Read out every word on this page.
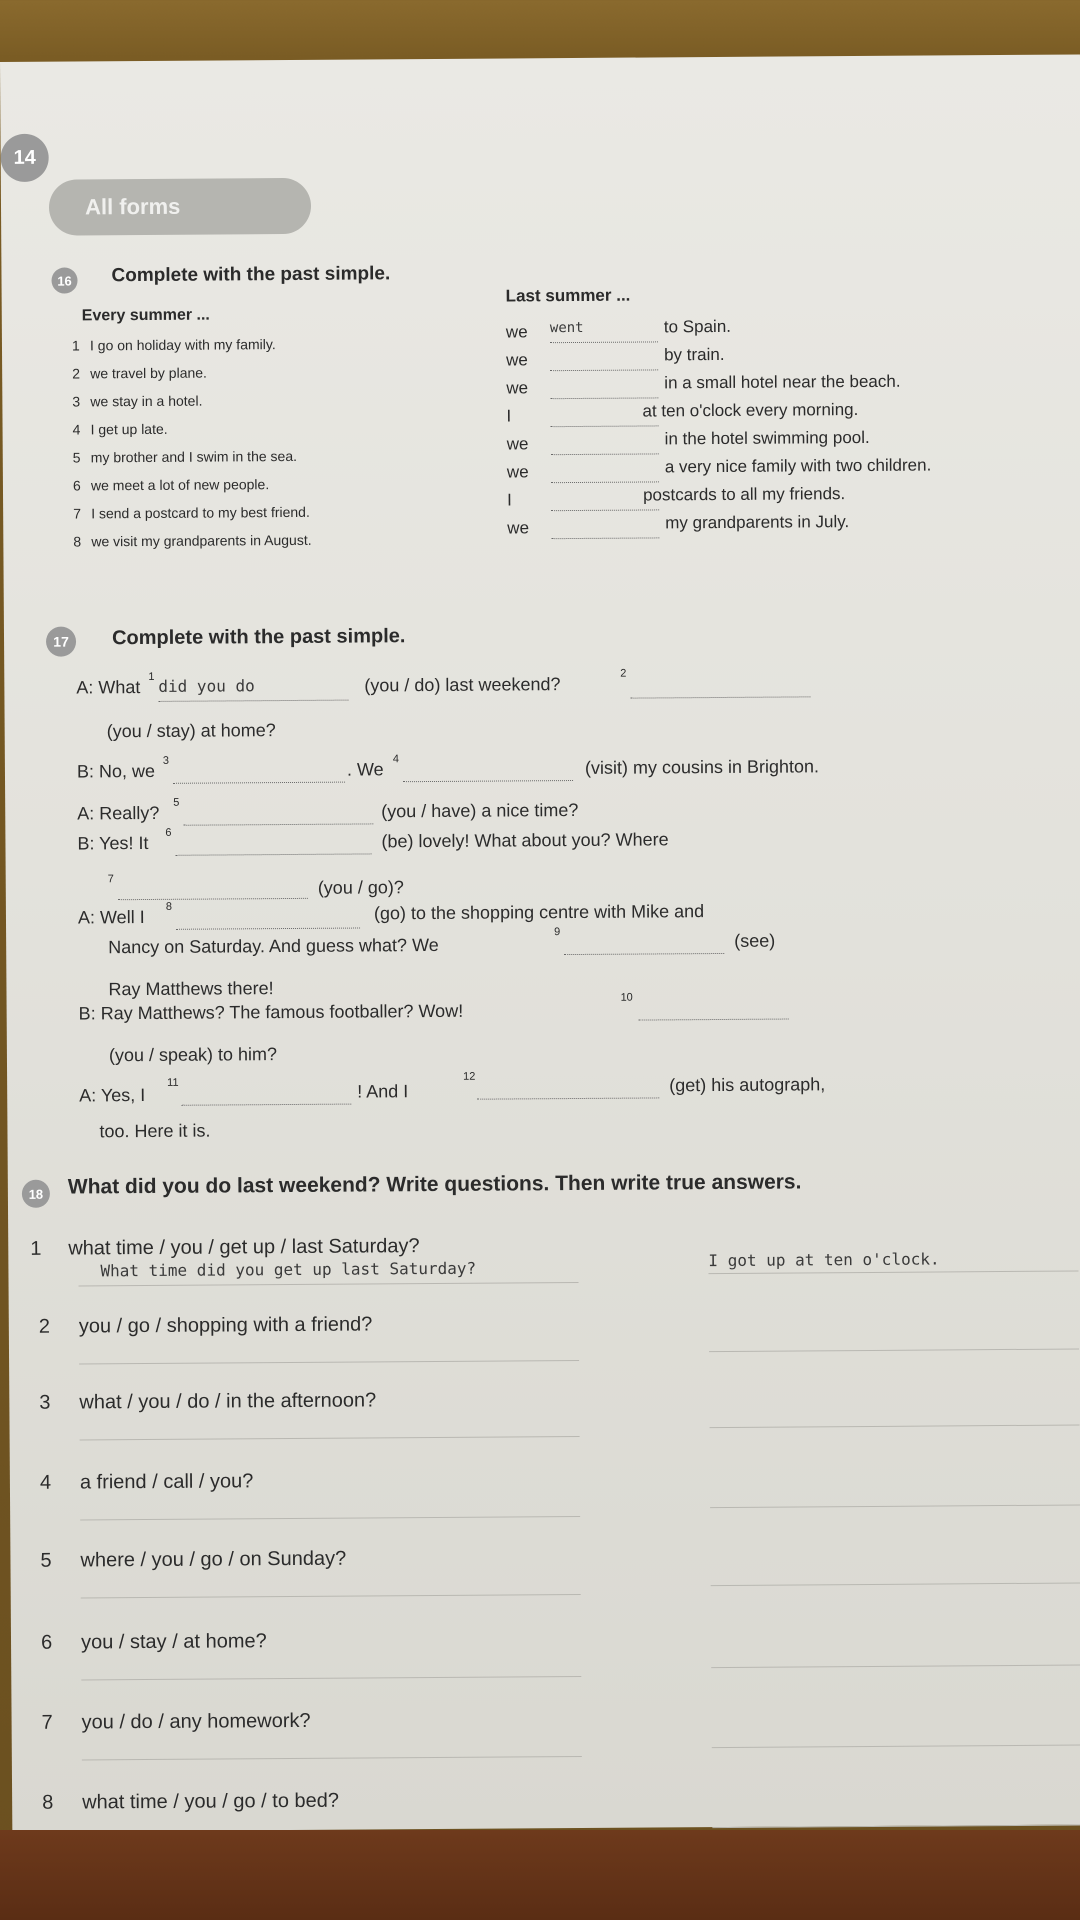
14
All forms
16	Complete with the past simple.
Every summer ...
Last summer ...
1 I go on holiday with my family.
we went	to Spain.
2 we travel by plane.
we	by train.
3 we stay in a hotel.
we	in a small hotel near the beach.
4 I get up late.
I	at ten o'clock every morning.
5 my brother and I swim in the sea.
we	in the hotel swimming pool.
6 we meet a lot of new people.
we	a very nice family with two children.
7 I send a postcard to my best friend.
I	postcards to all my friends.
8 we visit my grandparents in August.
we	my grandparents in July.
17	Complete with the past simple.
A: What
1 did you do	(you / do) last weekend?
2
(you / stay) at home?
B: No, we
3	. We
4	(visit) my cousins in Brighton.
A: Really?
5	(you / have) a nice time?
B: Yes! It
6	(be) lovely! What about you? Where
7	(you / go)?
A: Well I
8	(go) to the shopping centre with Mike and
Nancy on Saturday. And guess what? We
9	(see)
Ray Matthews there!
B: Ray Matthews? The famous footballer? Wow!
10
(you / speak) to him?
A: Yes, I
11	! And I
12	(get) his autograph,
too. Here it is.
18	What did you do last weekend? Write questions. Then write true answers.
1 what time / you / get up / last Saturday?
What time did you get up last Saturday?	I got up at ten o'clock.
2 you / go / shopping with a friend?
3 what / you / do / in the afternoon?
4 a friend / call / you?
5 where / you / go / on Sunday?
6 you / stay / at home?
7 you / do / any homework?
8 what time / you / go / to bed?
